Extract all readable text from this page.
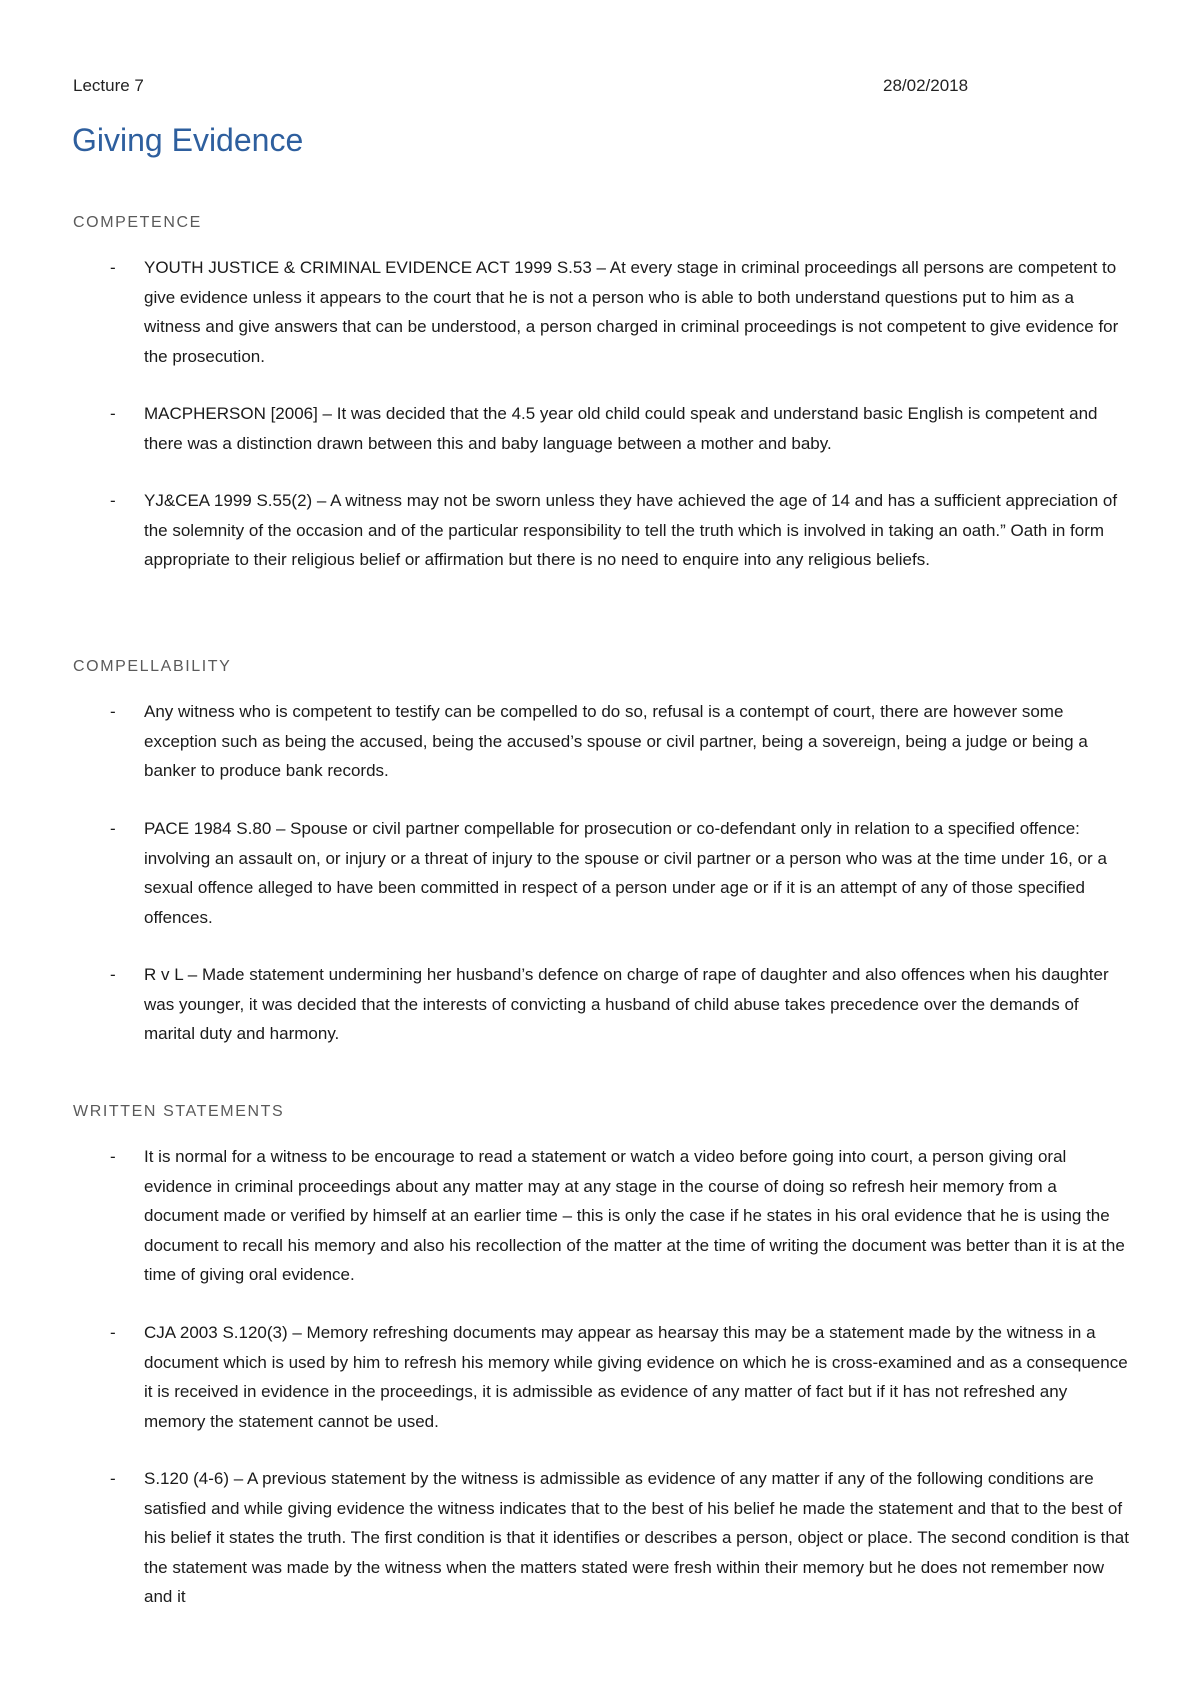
Lecture 7	28/02/2018
Giving Evidence
COMPETENCE
- YOUTH JUSTICE & CRIMINAL EVIDENCE ACT 1999 S.53 – At every stage in criminal proceedings all persons are competent to give evidence unless it appears to the court that he is not a person who is able to both understand questions put to him as a witness and give answers that can be understood, a person charged in criminal proceedings is not competent to give evidence for the prosecution.
- MACPHERSON [2006] – It was decided that the 4.5 year old child could speak and understand basic English is competent and there was a distinction drawn between this and baby language between a mother and baby.
- YJ&CEA 1999 S.55(2) – A witness may not be sworn unless they have achieved the age of 14 and has a sufficient appreciation of the solemnity of the occasion and of the particular responsibility to tell the truth which is involved in taking an oath.” Oath in form appropriate to their religious belief or affirmation but there is no need to enquire into any religious beliefs.
COMPELLABILITY
- Any witness who is competent to testify can be compelled to do so, refusal is a contempt of court, there are however some exception such as being the accused, being the accused’s spouse or civil partner, being a sovereign, being a judge or being a banker to produce bank records.
- PACE 1984 S.80 – Spouse or civil partner compellable for prosecution or co-defendant only in relation to a specified offence: involving an assault on, or injury or a threat of injury to the spouse or civil partner or a person who was at the time under 16, or a sexual offence alleged to have been committed in respect of a person under age or if it is an attempt of any of those specified offences.
- R v L – Made statement undermining her husband’s defence on charge of rape of daughter and also offences when his daughter was younger, it was decided that the interests of convicting a husband of child abuse takes precedence over the demands of marital duty and harmony.
WRITTEN STATEMENTS
- It is normal for a witness to be encourage to read a statement or watch a video before going into court, a person giving oral evidence in criminal proceedings about any matter may at any stage in the course of doing so refresh heir memory from a document made or verified by himself at an earlier time – this is only the case if he states in his oral evidence that he is using the document to recall his memory and also his recollection of the matter at the time of writing the document was better than it is at the time of giving oral evidence.
- CJA 2003 S.120(3) – Memory refreshing documents may appear as hearsay this may be a statement made by the witness in a document which is used by him to refresh his memory while giving evidence on which he is cross-examined and as a consequence it is received in evidence in the proceedings, it is admissible as evidence of any matter of fact but if it has not refreshed any memory the statement cannot be used.
- S.120 (4-6) – A previous statement by the witness is admissible as evidence of any matter if any of the following conditions are satisfied and while giving evidence the witness indicates that to the best of his belief he made the statement and that to the best of his belief it states the truth. The first condition is that it identifies or describes a person, object or place. The second condition is that the statement was made by the witness when the matters stated were fresh within their memory but he does not remember now and it
